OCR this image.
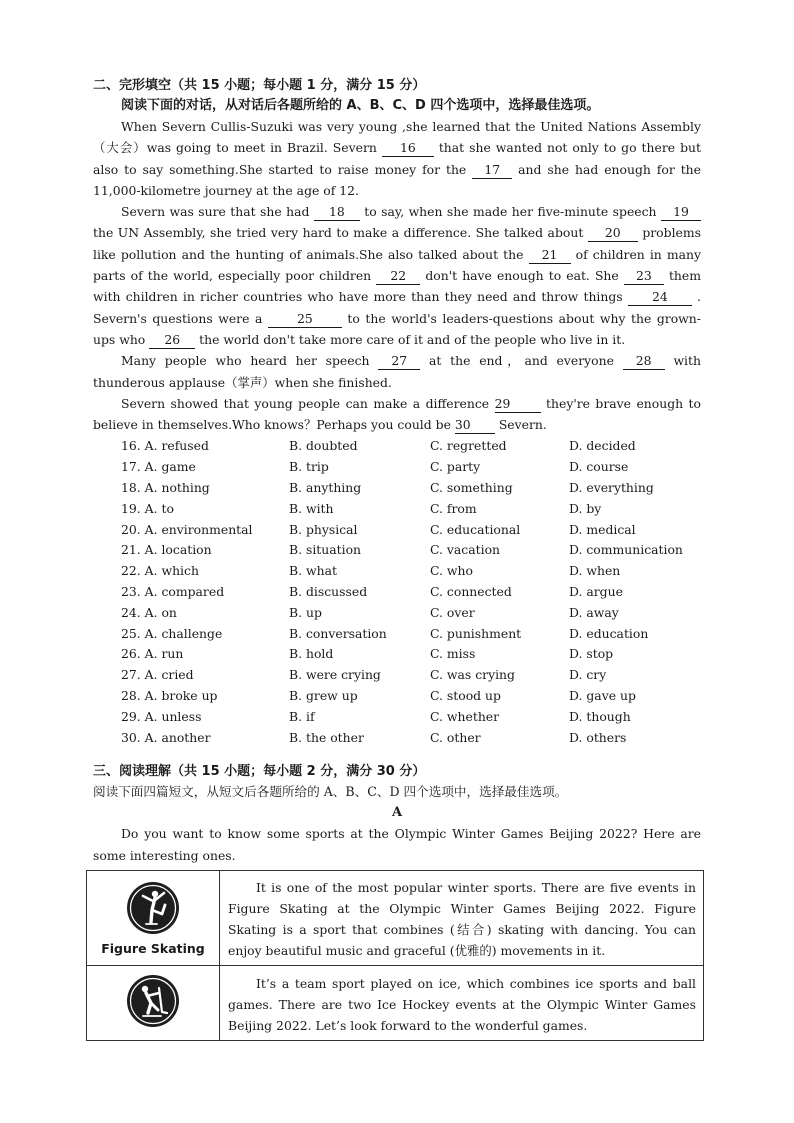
二、完形填空（共 15 小题；每小题 1 分，满分 15 分）
阅读下面的对话，从对话后各题所给的 A、B、C、D 四个选项中，选择最佳选项。

When Severn Cullis-Suzuki was very young ,she learned that the United Nations Assembly（大会）was going to meet in Brazil. Severn 16 that she wanted not only to go there but also to say something.She started to raise money for the 17 and she had enough for the 11,000-kilometre journey at the age of 12.

Severn was sure that she had 18 to say, when she made her five-minute speech 19 the UN Assembly, she tried very hard to make a difference. She talked about 20 problems like pollution and the hunting of animals.She also talked about the 21 of children in many parts of the world, especially poor children 22 don't have enough to eat. She 23 them with children in richer countries who have more than they need and throw things 24 . Severn's questions were a	25	to the world's leaders-questions about why the grown-ups who 26 the world don't take more care of it and of the people who live in it.

Many people who heard her speech 27 at the end，and everyone 28 with thunderous applause（掌声）when she finished.

Severn showed that young people can make a difference 29	they're brave enough to believe in themselves.Who knows？Perhaps you could be 30 Severn.

16. A. refused	B. doubted	C. regretted	D. decided
17. A. game	B. trip	C. party	D. course
18. A. nothing	B. anything	C. something	D. everything
19. A. to	B. with	C. from	D. by
20. A. environmental	B. physical	C. educational	D. medical
21. A. location	B. situation	C. vacation	D. communication
22. A. which	B. what	C. who	D. when
23. A. compared	B. discussed	C. connected	D. argue
24. A. on	B. up	C. over	D. away
25. A. challenge	B. conversation	C. punishment	D. education
26. A. run	B. hold	C. miss	D. stop
27. A. cried	B. were crying	C. was crying	D. cry
28. A. broke up	B. grew up	C. stood up	D. gave up
29. A. unless	B. if	C. whether	D. though
30. A. another	B. the other	C. other	D. others
三、阅读理解（共 15 小题；每小题 2 分，满分 30 分）
阅读下面四篇短文，从短文后各题所给的 A、B、C、D 四个选项中，选择最佳选项。
A

Do you want to know some sports at the Olympic Winter Games Beijing 2022? Here are some interesting ones.

Figure Skating	It is one of the most popular winter sports. There are five events in Figure Skating at the Olympic Winter Games Beijing 2022. Figure Skating is a sport that combines (结合) skating with dancing. You can enjoy beautiful music and graceful (优雅的) movements in it.
	It’s a team sport played on ice, which combines ice sports and ball games. There are two Ice Hockey events at the Olympic Winter Games Beijing 2022. Let’s look forward to the wonderful games.
